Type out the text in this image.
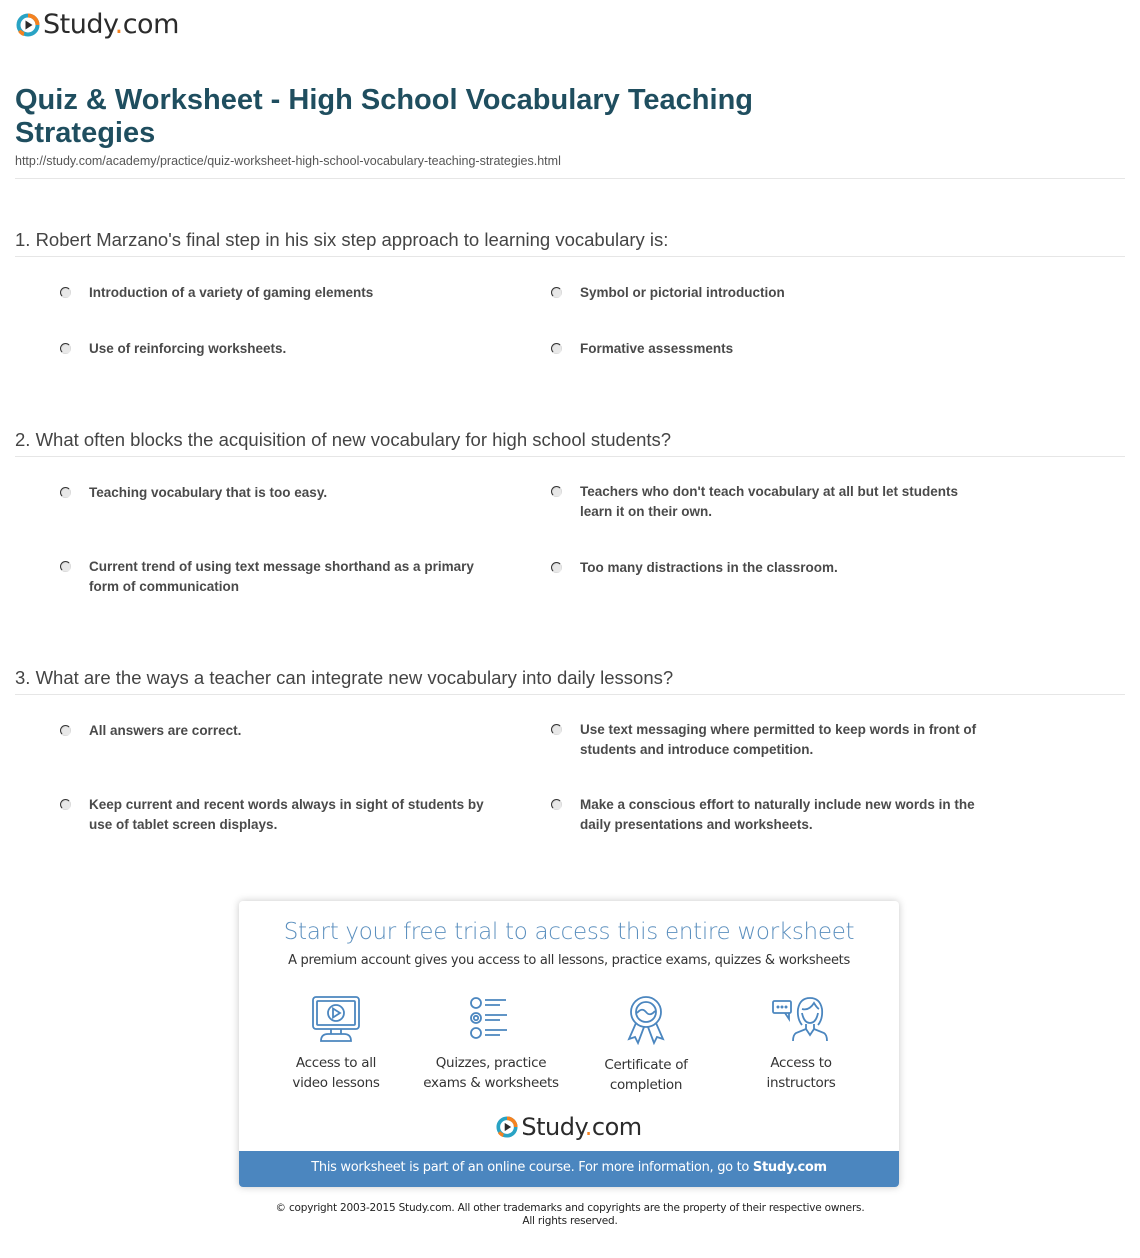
Study.com
Quiz & Worksheet - High School Vocabulary Teaching Strategies
http://study.com/academy/practice/quiz-worksheet-high-school-vocabulary-teaching-strategies.html
1. Robert Marzano's final step in his six step approach to learning vocabulary is:
Introduction of a variety of gaming elements	Symbol or pictorial introduction
Use of reinforcing worksheets.	Formative assessments
2. What often blocks the acquisition of new vocabulary for high school students?
Teaching vocabulary that is too easy.	Teachers who don't teach vocabulary at all but let students learn it on their own.
Current trend of using text message shorthand as a primary form of communication
Too many distractions in the classroom.
3. What are the ways a teacher can integrate new vocabulary into daily lessons?
All answers are correct.	Use text messaging where permitted to keep words in front of students and introduce competition.
Keep current and recent words always in sight of students by use of tablet screen displays.
Make a conscious effort to naturally include new words in the daily presentations and worksheets.
Start your free trial to access this entire worksheet
A premium account gives you access to all lessons, practice exams, quizzes & worksheets
Access to all
video lessons
Quizzes, practice
exams & worksheets
Certificate of
completion
Access to
instructors
Study.com
This worksheet is part of an online course. For more information, go to Study.com
© copyright 2003-2015 Study.com. All other trademarks and copyrights are the property of their respective owners.
All rights reserved.
